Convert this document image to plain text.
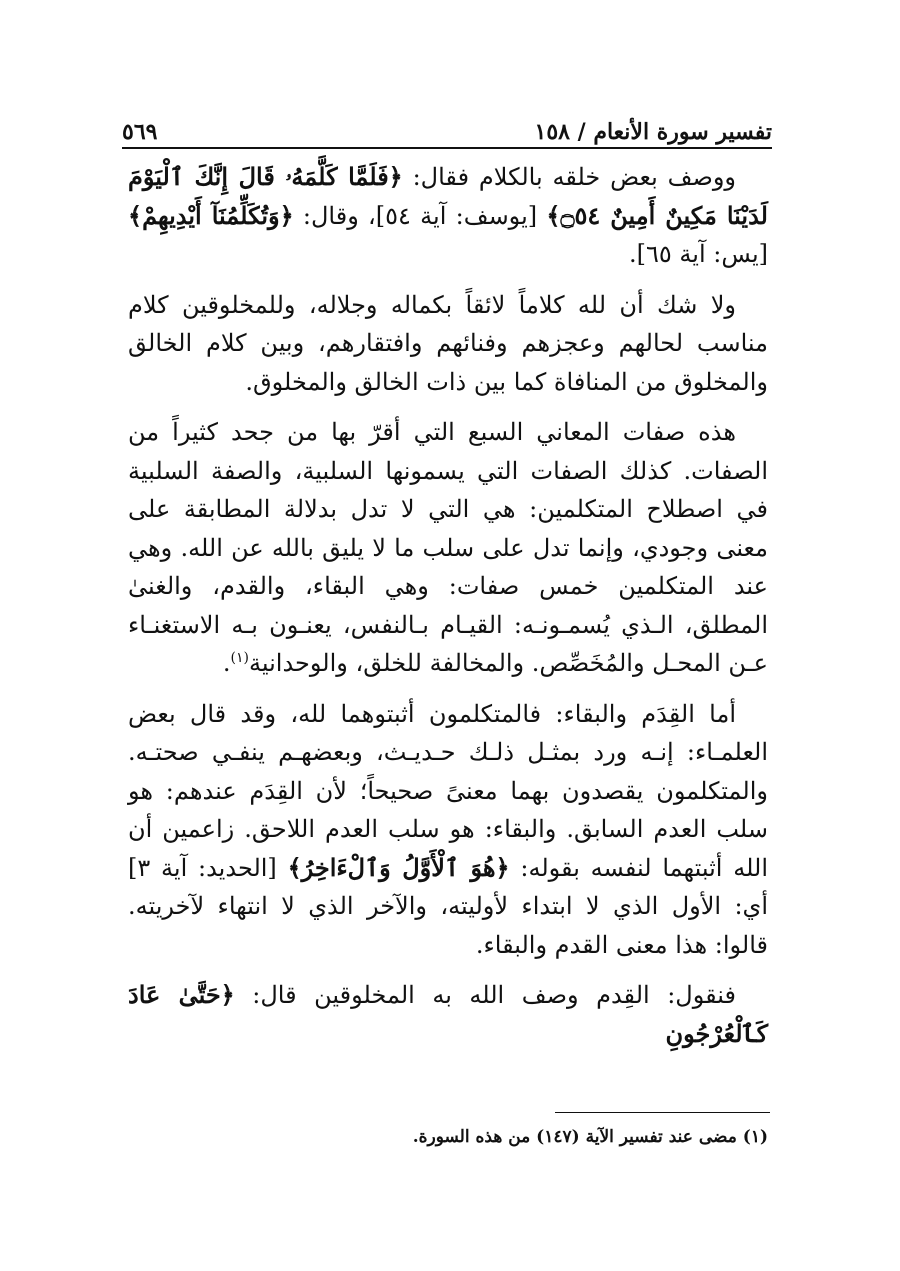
تفسير سورة الأنعام / ١٥٨
٥٦٩

ووصف بعض خلقه بالكلام فقال: ﴿فَلَمَّا كَلَّمَهُۥ قَالَ إِنَّكَ ٱلْيَوْمَ لَدَيْنَا مَكِينٌ أَمِينٌ ۝٥٤﴾ [يوسف: آية ٥٤]، وقال: ﴿وَتُكَلِّمُنَآ أَيْدِيهِمْ﴾ [يس: آية ٦٥].

ولا شك أن لله كلاماً لائقاً بكماله وجلاله، وللمخلوقين كلام مناسب لحالهم وعجزهم وفنائهم وافتقارهم، وبين كلام الخالق والمخلوق من المنافاة كما بين ذات الخالق والمخلوق.

هذه صفات المعاني السبع التي أقرّ بها من جحد كثيراً من الصفات. كذلك الصفات التي يسمونها السلبية، والصفة السلبية في اصطلاح المتكلمين: هي التي لا تدل بدلالة المطابقة على معنى وجودي، وإنما تدل على سلب ما لا يليق بالله عن الله. وهي عند المتكلمين خمس صفات: وهي البقاء، والقدم، والغنىٰ المطلق، الـذي يُسمـونـه: القيـام بـالنفس، يعنـون بـه الاستغنـاء عـن المحـل والمُخَصِّص. والمخالفة للخلق، والوحدانية$^{(١)}$.

أما القِدَم والبقاء: فالمتكلمون أثبتوهما لله، وقد قال بعض العلمـاء: إنـه ورد بمثـل ذلـك حـديـث، وبعضهـم ينفـي صحتـه. والمتكلمون يقصدون بهما معنىً صحيحاً؛ لأن القِدَم عندهم: هو سلب العدم السابق. والبقاء: هو سلب العدم اللاحق. زاعمين أن الله أثبتهما لنفسه بقوله: ﴿هُوَ ٱلْأَوَّلُ وَٱلْءَاخِرُ﴾ [الحديد: آية ٣] أي: الأول الذي لا ابتداء لأوليته، والآخر الذي لا انتهاء لآخريته. قالوا: هذا معنى القدم والبقاء.

فنقول: القِدم وصف الله به المخلوقين قال: ﴿حَتَّىٰ عَادَ كَٱلْعُرْجُونِ

(١) مضى عند تفسير الآية (١٤٧) من هذه السورة.
